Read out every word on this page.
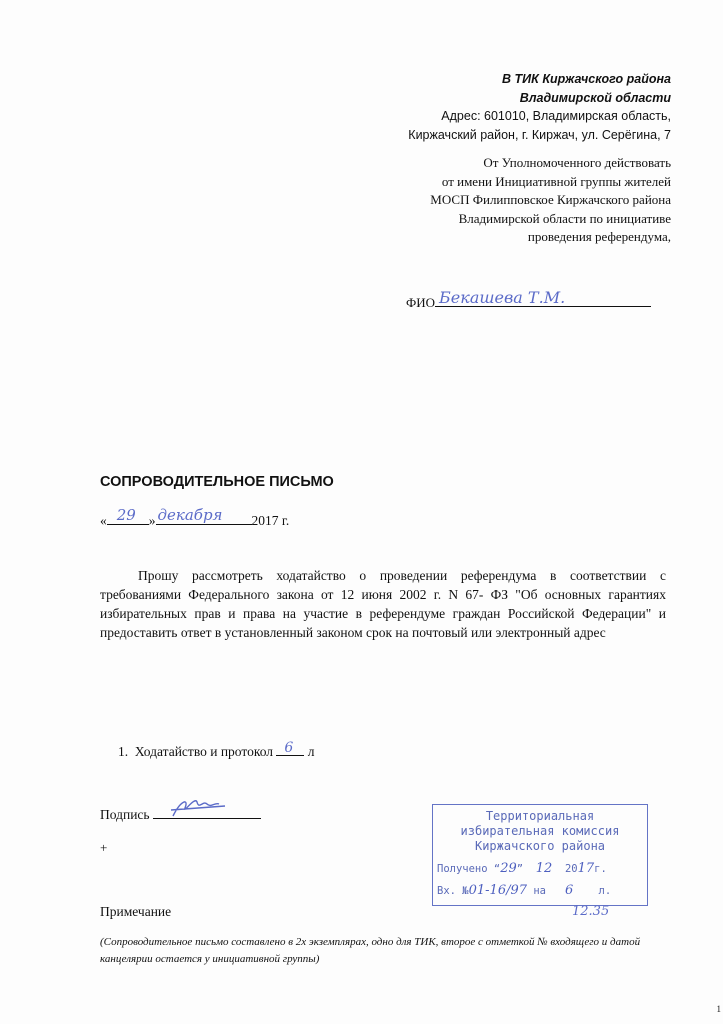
В ТИК Киржачского района
Владимирской области
Адрес: 601010, Владимирская область,
Киржачский район, г. Киржач, ул. Серёгина, 7
От Уполномоченного действовать
от имени Инициативной группы жителей
МОСП Филипповское Киржачского района
Владимирской области по инициативе
проведения референдума,
ФИО Бекашева Т.М.
СОПРОВОДИТЕЛЬНОЕ ПИСЬМО
« 29 » декабря 2017 г.

Прошу рассмотреть ходатайство о проведении референдума в соответствии с требованиями Федерального закона от 12 июня 2002 г. N 67- ФЗ "Об основных гарантиях избирательных прав и права на участие в референдуме граждан Российской Федерации" и предоставить ответ в установленный законом срок на почтовый или электронный адрес

1. Ходатайство и протокол 6 л
Подпись
+
Территориальная
избирательная комиссия
Киржачского района
Получено “29” 12 2017г.
Вх. №01-16/97 на 6 л.
12.35
Примечание
(Сопроводительное письмо составлено в 2х экземплярах, одно для ТИК, второе с отметкой № входящего и датой канцелярии остается у инициативной группы)
1
